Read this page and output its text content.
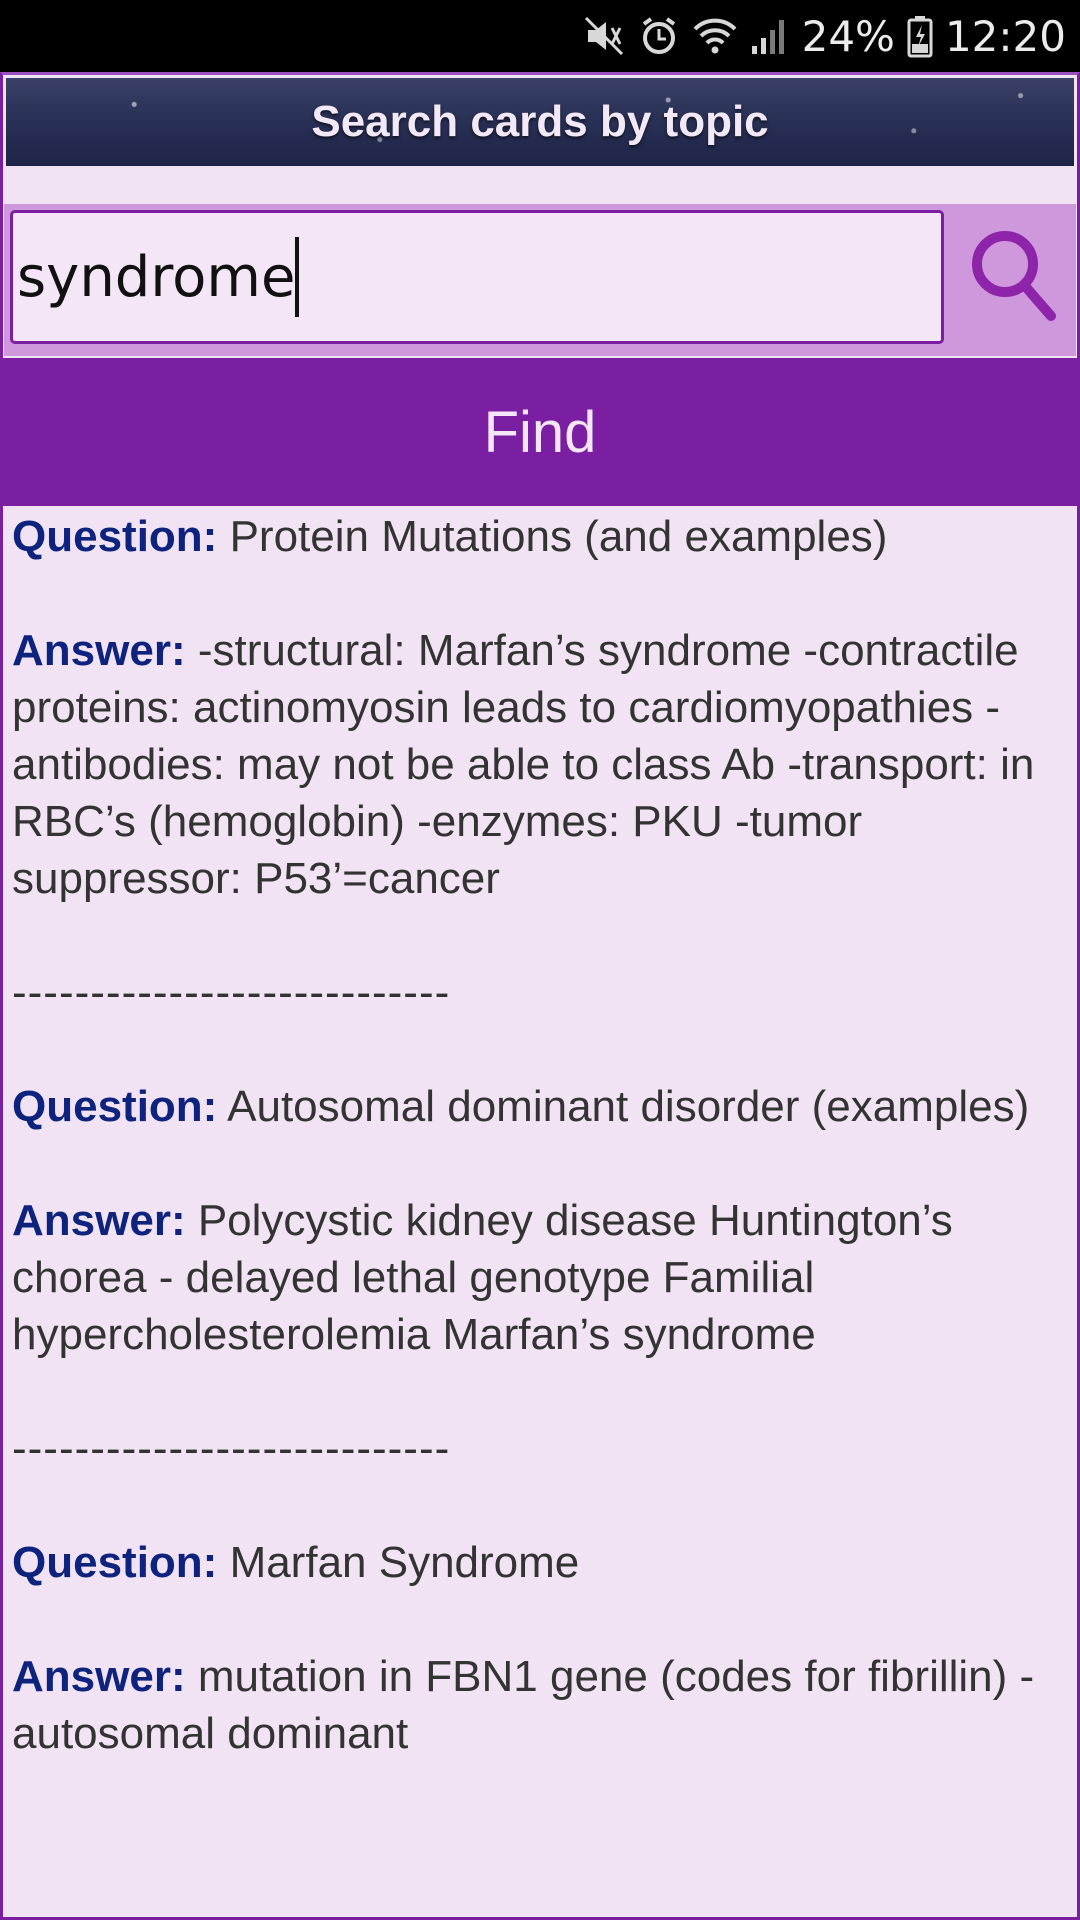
24% 12:20
Search cards by topic
syndrome
Find

Question: Protein Mutations (and examples)

Answer: -structural: Marfan’s syndrome -contractile proteins: actinomyosin leads to cardiomyopathies -antibodies: may not be able to class Ab -transport: in RBC’s (hemoglobin) -enzymes: PKU -tumor suppressor: P53’=cancer

----------------------------

Question: Autosomal dominant disorder (examples)

Answer: Polycystic kidney disease Huntington’s chorea - delayed lethal genotype Familial hypercholesterolemia Marfan’s syndrome

----------------------------

Question: Marfan Syndrome

Answer: mutation in FBN1 gene (codes for fibrillin) -autosomal dominant
